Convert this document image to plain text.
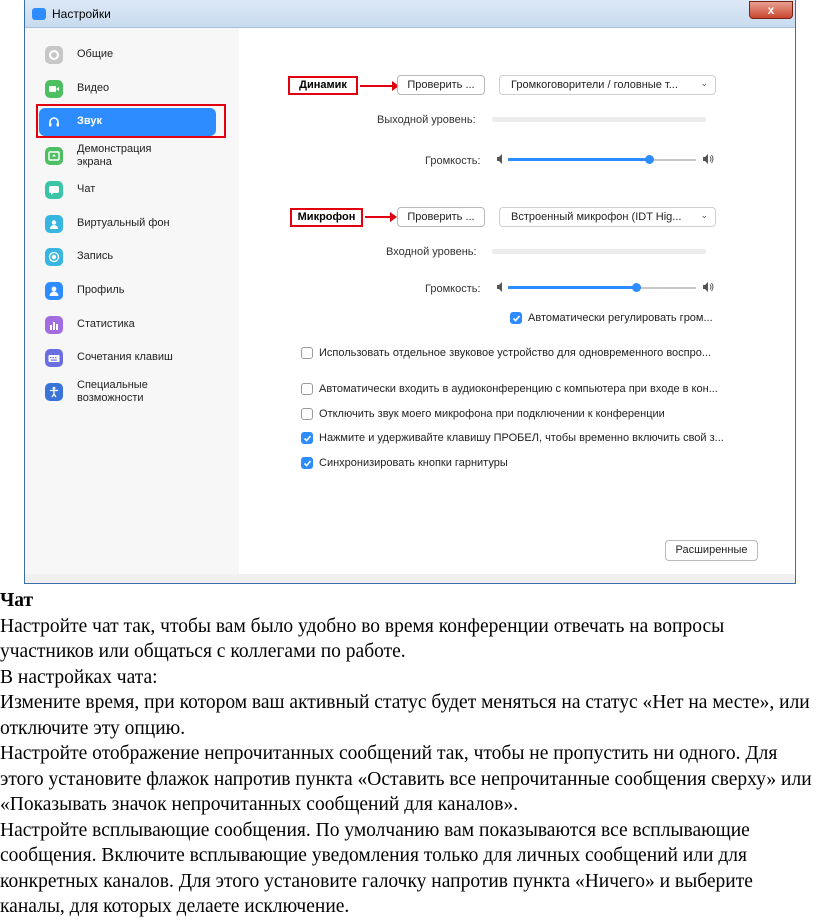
Настройки	x
Общие
Видео
Звук
Демонстрация экрана
Чат
Виртуальный фон
Запись
Профиль
Статистика
Сочетания клавиш
Специальные возможности
Динамик	Проверить ...	Громкоговорители / головные т...	⌄
Выходной уровень:
Громкость:
Микрофон	Проверить ...	Встроенный микрофон (IDT Hig... ⌄
Входной уровень:
Громкость:
Автоматически регулировать гром...
Использовать отдельное звуковое устройство для одновременного воспро...
Автоматически входить в аудиоконференцию с компьютера при входе в кон...
Отключить звук моего микрофона при подключении к конференции
Нажмите и удерживайте клавишу ПРОБЕЛ, чтобы временно включить свой з...
Синхронизировать кнопки гарнитуры
Расширенные

Чат

Настройте чат так, чтобы вам было удобно во время конференции отвечать на вопросы участников или общаться с коллегами по работе.

В настройках чата:

Измените время, при котором ваш активный статус будет меняться на статус «Нет на месте», или отключите эту опцию.

Настройте отображение непрочитанных сообщений так, чтобы не пропустить ни одного. Для этого установите флажок напротив пункта «Оставить все непрочитанные сообщения сверху» или «Показывать значок непрочитанных сообщений для каналов».

Настройте всплывающие сообщения. По умолчанию вам показываются все всплывающие сообщения. Включите всплывающие уведомления только для личных сообщений или для конкретных каналов. Для этого установите галочку напротив пункта «Ничего» и выберите каналы, для которых делаете исключение.
